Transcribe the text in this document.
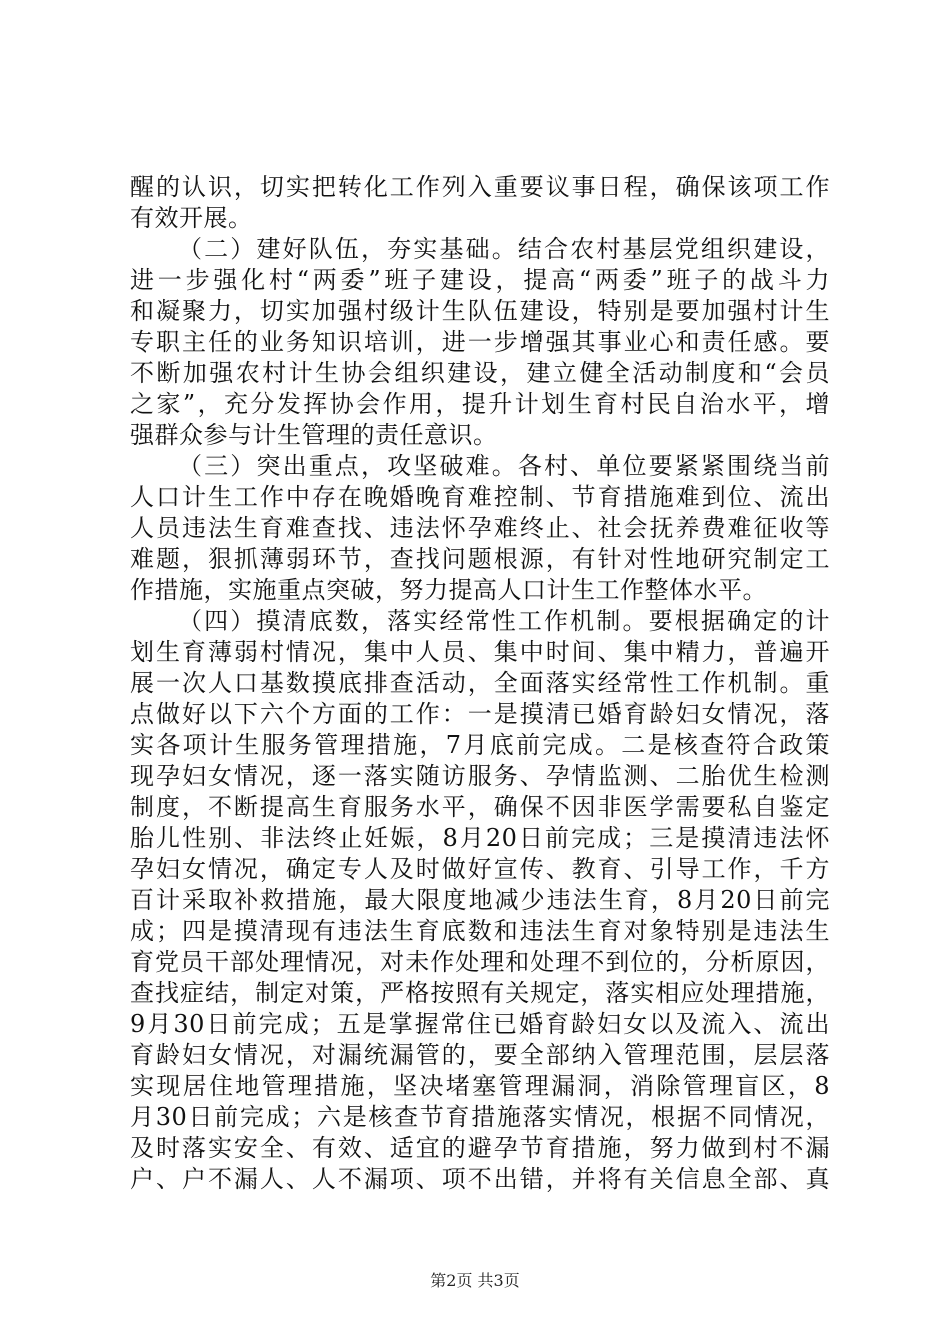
醒的认识，切实把转化工作列入重要议事日程，确保该项工作
有效开展。
（二）建好队伍，夯实基础。结合农村基层党组织建设，
进一步强化村“两委”班子建设，提高“两委”班子的战斗力
和凝聚力，切实加强村级计生队伍建设，特别是要加强村计生
专职主任的业务知识培训，进一步增强其事业心和责任感。要
不断加强农村计生协会组织建设，建立健全活动制度和“会员
之家”，充分发挥协会作用，提升计划生育村民自治水平，增
强群众参与计生管理的责任意识。
（三）突出重点，攻坚破难。各村、单位要紧紧围绕当前
人口计生工作中存在晚婚晚育难控制、节育措施难到位、流出
人员违法生育难查找、违法怀孕难终止、社会抚养费难征收等
难题，狠抓薄弱环节，查找问题根源，有针对性地研究制定工
作措施，实施重点突破，努力提高人口计生工作整体水平。
（四）摸清底数，落实经常性工作机制。要根据确定的计
划生育薄弱村情况，集中人员、集中时间、集中精力，普遍开
展一次人口基数摸底排查活动，全面落实经常性工作机制。重
点做好以下六个方面的工作：一是摸清已婚育龄妇女情况，落
实各项计生服务管理措施，7月底前完成。二是核查符合政策
现孕妇女情况，逐一落实随访服务、孕情监测、二胎优生检测
制度，不断提高生育服务水平，确保不因非医学需要私自鉴定
胎儿性别、非法终止妊娠，8月20日前完成；三是摸清违法怀
孕妇女情况，确定专人及时做好宣传、教育、引导工作，千方
百计采取补救措施，最大限度地减少违法生育，8月20日前完
成；四是摸清现有违法生育底数和违法生育对象特别是违法生
育党员干部处理情况，对未作处理和处理不到位的，分析原因，
查找症结，制定对策，严格按照有关规定，落实相应处理措施，
9月30日前完成；五是掌握常住已婚育龄妇女以及流入、流出
育龄妇女情况，对漏统漏管的，要全部纳入管理范围，层层落
实现居住地管理措施，坚决堵塞管理漏洞，消除管理盲区，8
月30日前完成；六是核查节育措施落实情况，根据不同情况，
及时落实安全、有效、适宜的避孕节育措施，努力做到村不漏
户、户不漏人、人不漏项、项不出错，并将有关信息全部、真
第2页 共3页
